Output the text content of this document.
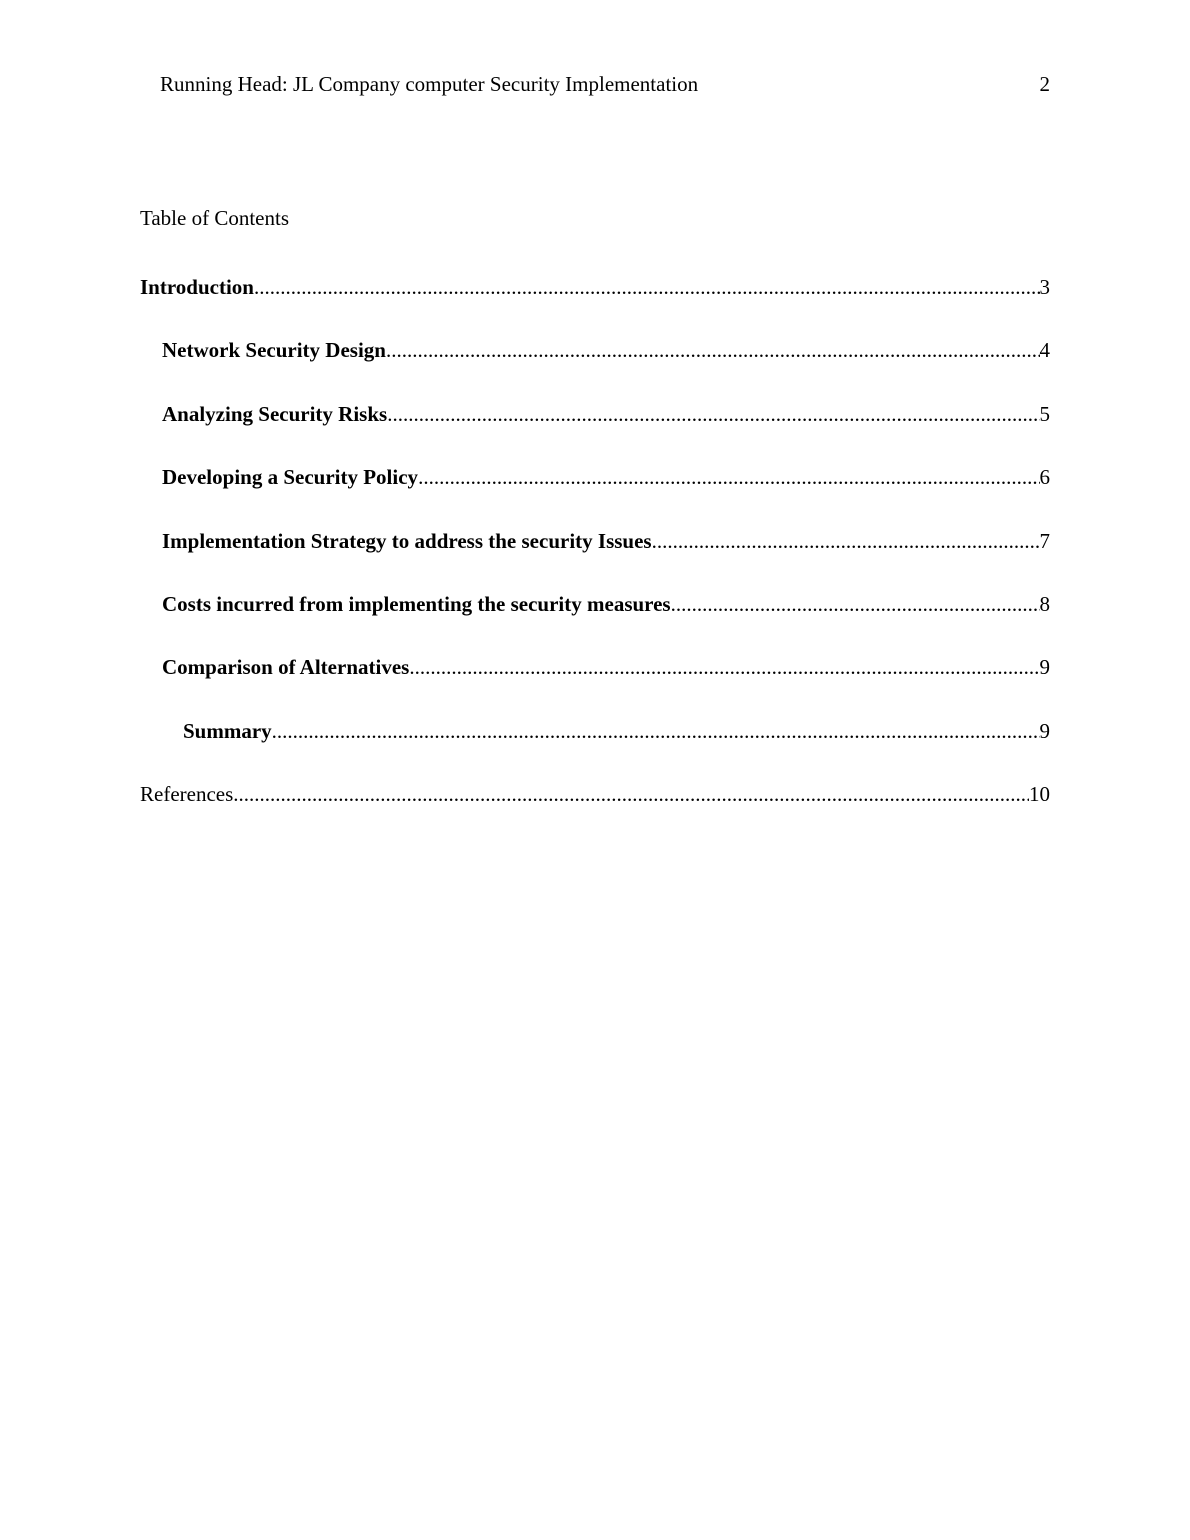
Running Head: JL Company computer Security Implementation	2
Table of Contents
Introduction .....	3
Network Security Design .....	4
Analyzing Security Risks .....	5
Developing a Security Policy .....	6
Implementation Strategy to address the security Issues .....	7
Costs incurred from implementing the security measures .....	8
Comparison of Alternatives .....	9
Summary .....	9
References .....	10
